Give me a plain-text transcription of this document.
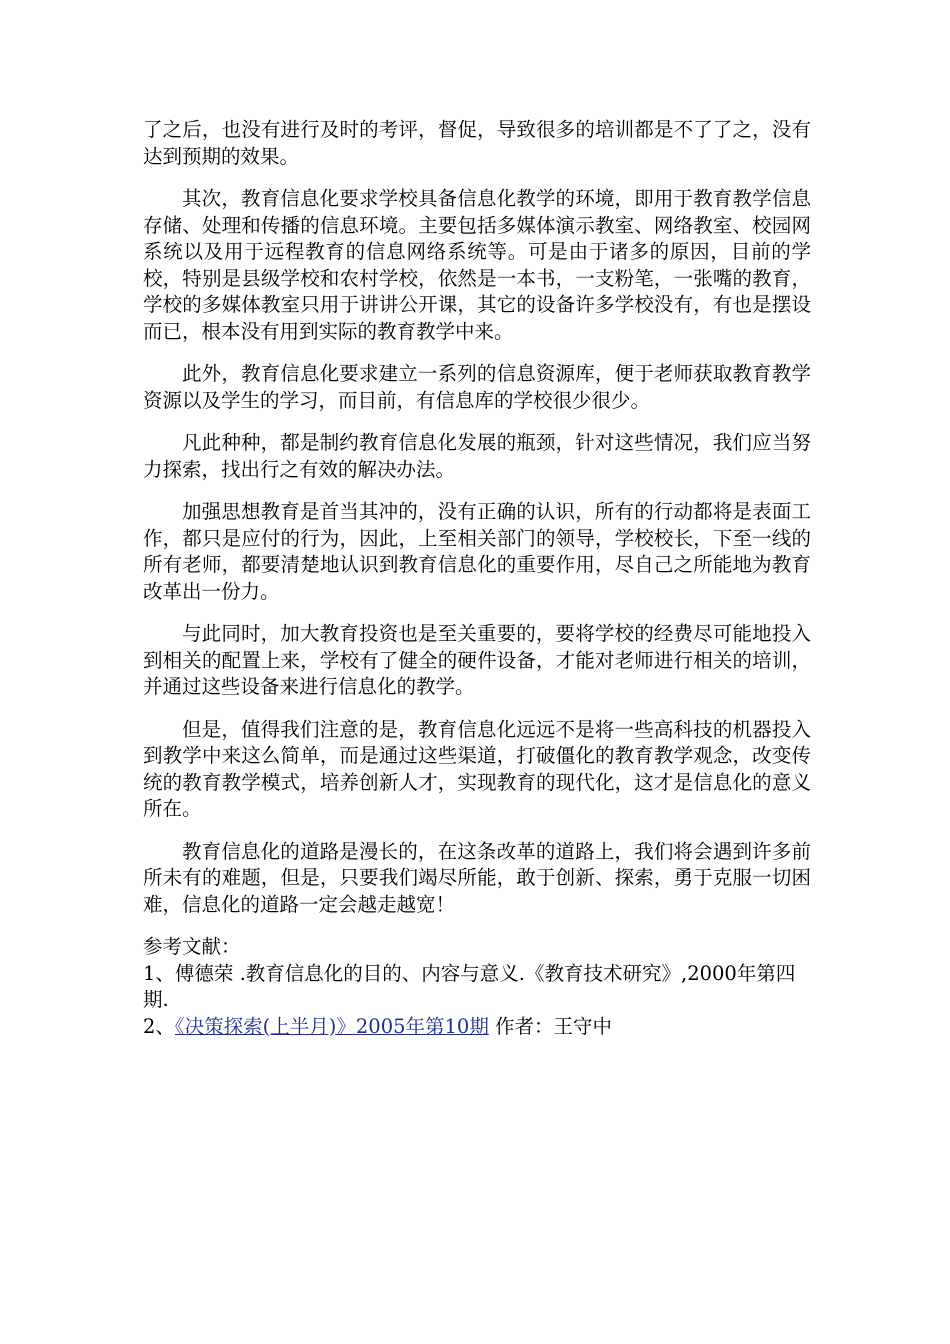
了之后，也没有进行及时的考评，督促，导致很多的培训都是不了了之，没有达到预期的效果。

其次，教育信息化要求学校具备信息化教学的环境，即用于教育教学信息存储、处理和传播的信息环境。主要包括多媒体演示教室、网络教室、校园网系统以及用于远程教育的信息网络系统等。可是由于诸多的原因，目前的学校，特别是县级学校和农村学校，依然是一本书，一支粉笔，一张嘴的教育，学校的多媒体教室只用于讲讲公开课，其它的设备许多学校没有，有也是摆设而已，根本没有用到实际的教育教学中来。

此外，教育信息化要求建立一系列的信息资源库，便于老师获取教育教学资源以及学生的学习，而目前，有信息库的学校很少很少。

凡此种种，都是制约教育信息化发展的瓶颈，针对这些情况，我们应当努力探索，找出行之有效的解决办法。

加强思想教育是首当其冲的，没有正确的认识，所有的行动都将是表面工作，都只是应付的行为，因此，上至相关部门的领导，学校校长，下至一线的所有老师，都要清楚地认识到教育信息化的重要作用，尽自己之所能地为教育改革出一份力。

与此同时，加大教育投资也是至关重要的，要将学校的经费尽可能地投入到相关的配置上来，学校有了健全的硬件设备，才能对老师进行相关的培训，并通过这些设备来进行信息化的教学。

但是，值得我们注意的是，教育信息化远远不是将一些高科技的机器投入到教学中来这么简单，而是通过这些渠道，打破僵化的教育教学观念，改变传统的教育教学模式，培养创新人才，实现教育的现代化，这才是信息化的意义所在。

教育信息化的道路是漫长的，在这条改革的道路上，我们将会遇到许多前所未有的难题，但是，只要我们竭尽所能，敢于创新、探索，勇于克服一切困难，信息化的道路一定会越走越宽！

参考文献：

1、傅德荣 .教育信息化的目的、内容与意义.《教育技术研究》,2000年第四期.

2、《决策探索(上半月)》2005年第10期 作者：王守中
